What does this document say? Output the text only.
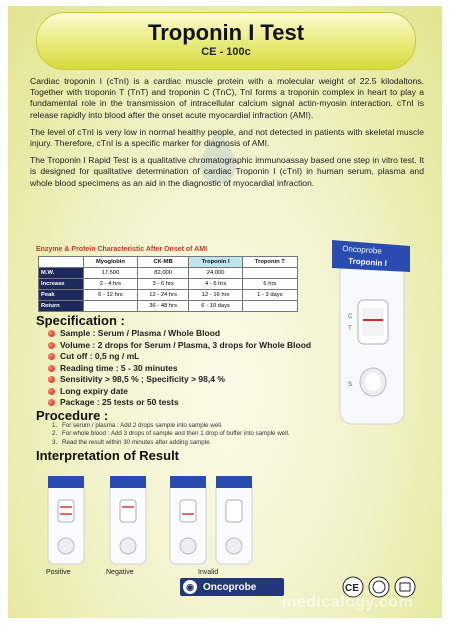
Troponin I Test
CE - 100c

Cardiac troponin I (cTnI) is a cardiac muscle protein with a molecular weight of 22.5 kilodaltons. Together with troponin T (TnT) and troponin C (TnC), TnI forms a troponin complex in heart to play a fundamental role in the transmission of intracellular calcium signal actin-myosin interaction. cTnI is release rapidly into blood after the onset acute myocardial infraction (AMI).

The level of cTnI is very low in normal healthy people, and not detected in patients with skeletal muscle injury. Therefore, cTnI is a specific marker for diagnosis of AMI.

The Troponin I Rapid Test is a qualitative chromatographic immunoassay based one step in vitro test. It is designed for qualitative determination of cardiac Troponin I (cTnI) in human serum, plasma and whole blood specimens as an aid in the diagnostic of myocardial infraction.

Enzyme & Protein Characteristic After Onset of AMI
	Myoglobin	CK-MB	Troponin I	Troponin T
M.W.	17,500	82,000	24,000	
Increase	2 - 4 hrs	3 - 6 hrs	4 - 6 hrs	6 hrs
Peak	6 - 12 hrs	12 - 24 hrs	12 - 16 hrs	1 - 3 days
Return		36 - 48 hrs	6 - 10 days	
Oncoprobe
Troponin I
C
T
S
Specification :
Sample : Serum / Plasma / Whole Blood
Volume : 2 drops for Serum / Plasma, 3 drops for Whole Blood
Cut off : 0,5 ng / mL
Reading time : 5 - 30 minutes
Sensitivity > 98,5 % ; Specificity > 98,4 %
Long expiry date
Package : 25 tests or 50 tests
Procedure :
1. For serum / plasma : Add 2 drops sample into sample well.
2. For whole blood : Add 3 drops of sample and then 1 drop of buffer into sample well.
3. Read the result within 30 minutes after adding sample.
Interpretation of Result
Positive	Negative	Invalid
◉ Oncoprobe	CE
medicalogy.com
